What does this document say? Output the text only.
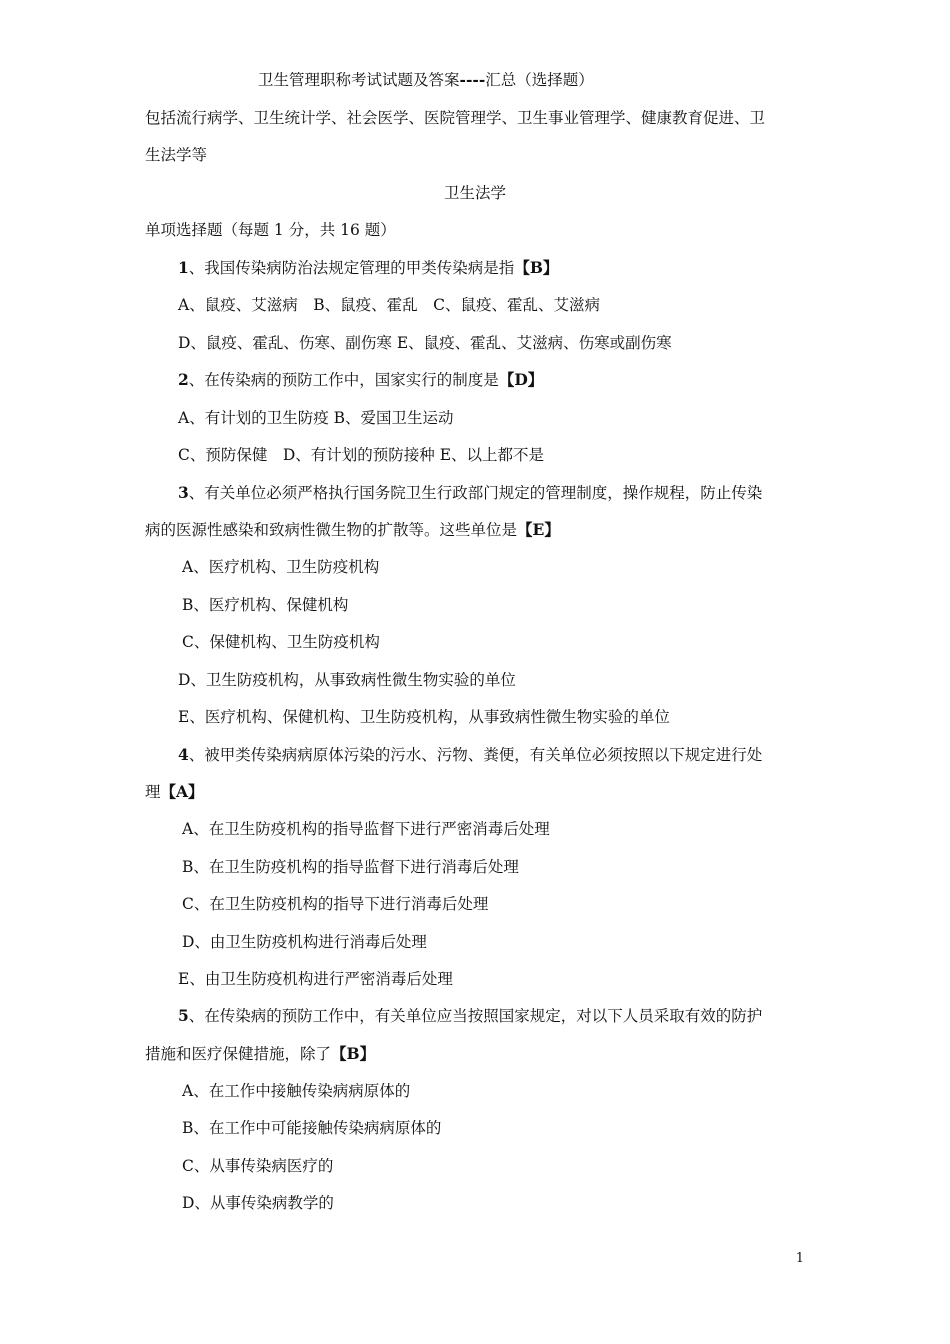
卫生管理职称考试试题及答案----汇总（选择题）
包括流行病学、卫生统计学、社会医学、医院管理学、卫生事业管理学、健康教育促进、卫
生法学等
卫生法学
单项选择题（每题 1 分，共 16 题）
1、我国传染病防治法规定管理的甲类传染病是指【B】
A、鼠疫、艾滋病　B、鼠疫、霍乱　C、鼠疫、霍乱、艾滋病
D、鼠疫、霍乱、伤寒、副伤寒 E、鼠疫、霍乱、艾滋病、伤寒或副伤寒
2、在传染病的预防工作中，国家实行的制度是【D】
A、有计划的卫生防疫 B、爱国卫生运动
C、预防保健　D、有计划的预防接种 E、以上都不是
3、有关单位必须严格执行国务院卫生行政部门规定的管理制度，操作规程，防止传染
病的医源性感染和致病性微生物的扩散等。这些单位是【E】
A、医疗机构、卫生防疫机构
B、医疗机构、保健机构
C、保健机构、卫生防疫机构
D、卫生防疫机构，从事致病性微生物实验的单位
E、医疗机构、保健机构、卫生防疫机构，从事致病性微生物实验的单位
4、被甲类传染病病原体污染的污水、污物、粪便，有关单位必须按照以下规定进行处
理【A】
A、在卫生防疫机构的指导监督下进行严密消毒后处理
B、在卫生防疫机构的指导监督下进行消毒后处理
C、在卫生防疫机构的指导下进行消毒后处理
D、由卫生防疫机构进行消毒后处理
E、由卫生防疫机构进行严密消毒后处理
5、在传染病的预防工作中，有关单位应当按照国家规定，对以下人员采取有效的防护
措施和医疗保健措施，除了【B】
A、在工作中接触传染病病原体的
B、在工作中可能接触传染病病原体的
C、从事传染病医疗的
D、从事传染病教学的
1
